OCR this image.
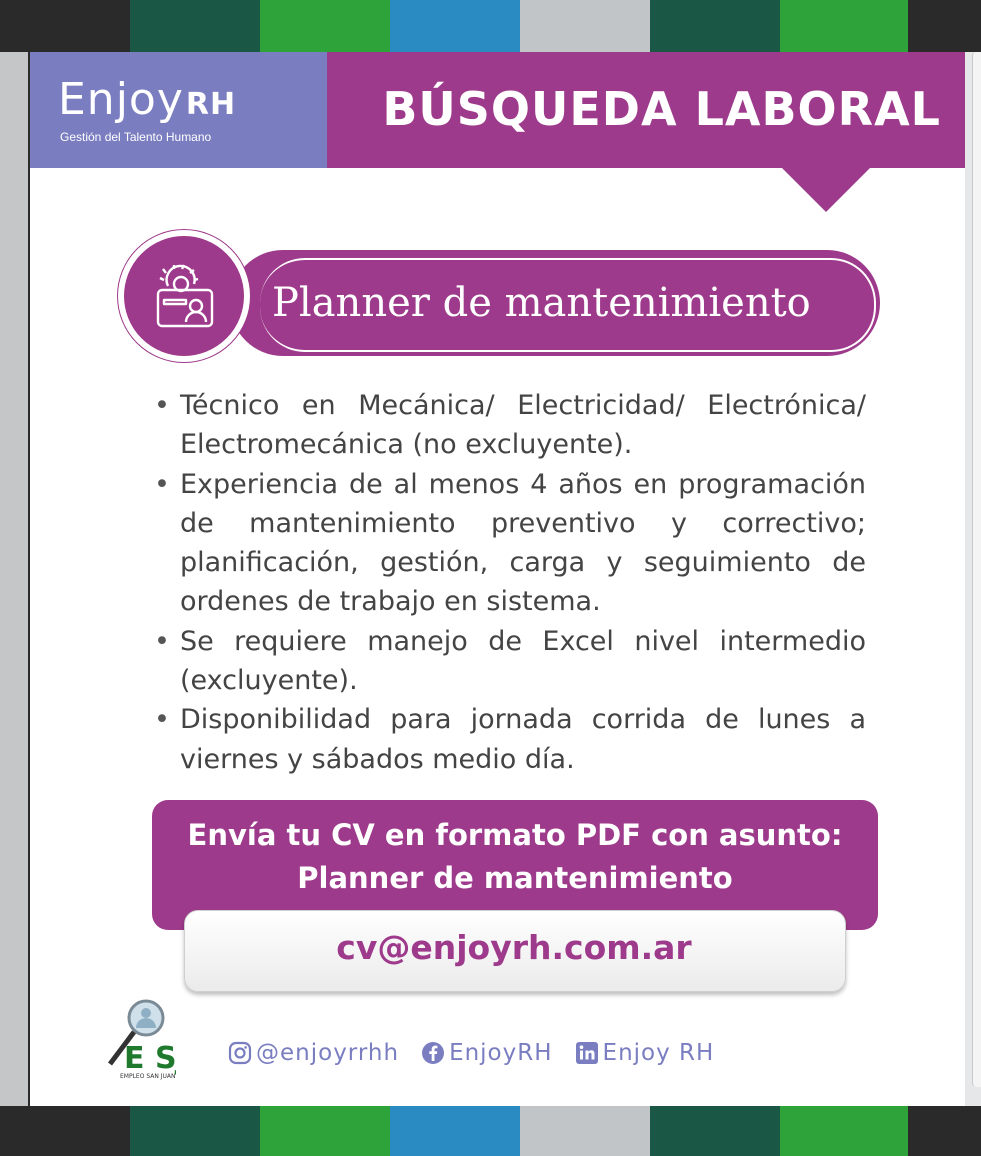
EnjoyRH
Gestión del Talento Humano
BÚSQUEDA LABORAL
Planner de mantenimiento
• Técnico en Mecánica/ Electricidad/ Electrónica/ Electromecánica (no excluyente).
• Experiencia de al menos 4 años en programación de mantenimiento preventivo y correctivo; planificación, gestión, carga y seguimiento de ordenes de trabajo en sistema.
• Se requiere manejo de Excel nivel intermedio (excluyente).
• Disponibilidad para jornada corrida de lunes a viernes y sábados medio día.
Envía tu CV en formato PDF con asunto:
Planner de mantenimiento
cv@enjoyrh.com.ar
E S
EMPLEO SAN JUAN
@enjoyrrhh EnjoyRH Enjoy RH
